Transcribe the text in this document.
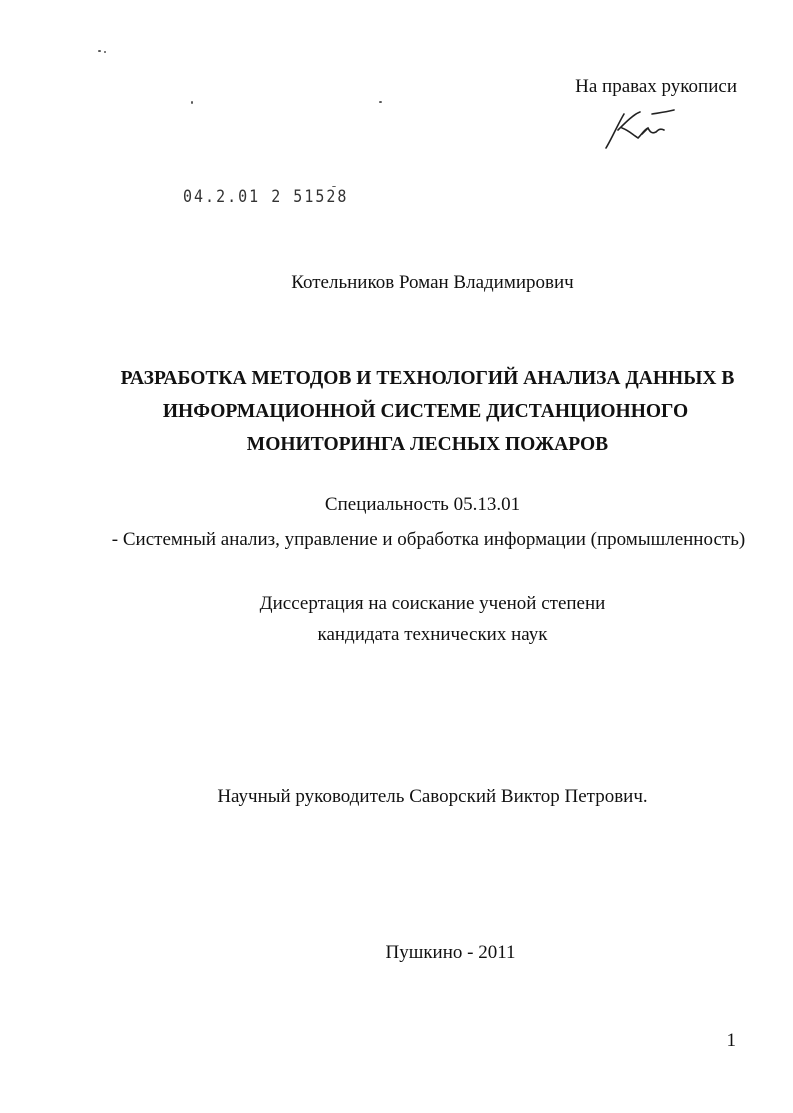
На правах рукописи
04.2.01 2 51528
Котельников Роман Владимирович
РАЗРАБОТКА МЕТОДОВ И ТЕХНОЛОГИЙ АНАЛИЗА ДАННЫХ В
ИНФОРМАЦИОННОЙ СИСТЕМЕ ДИСТАНЦИОННОГО
МОНИТОРИНГА ЛЕСНЫХ ПОЖАРОВ
Специальность 05.13.01
- Системный анализ, управление и обработка информации (промышленность)
Диссертация на соискание ученой степени
кандидата технических наук
Научный руководитель Саворский Виктор Петрович.
Пушкино - 2011
1
